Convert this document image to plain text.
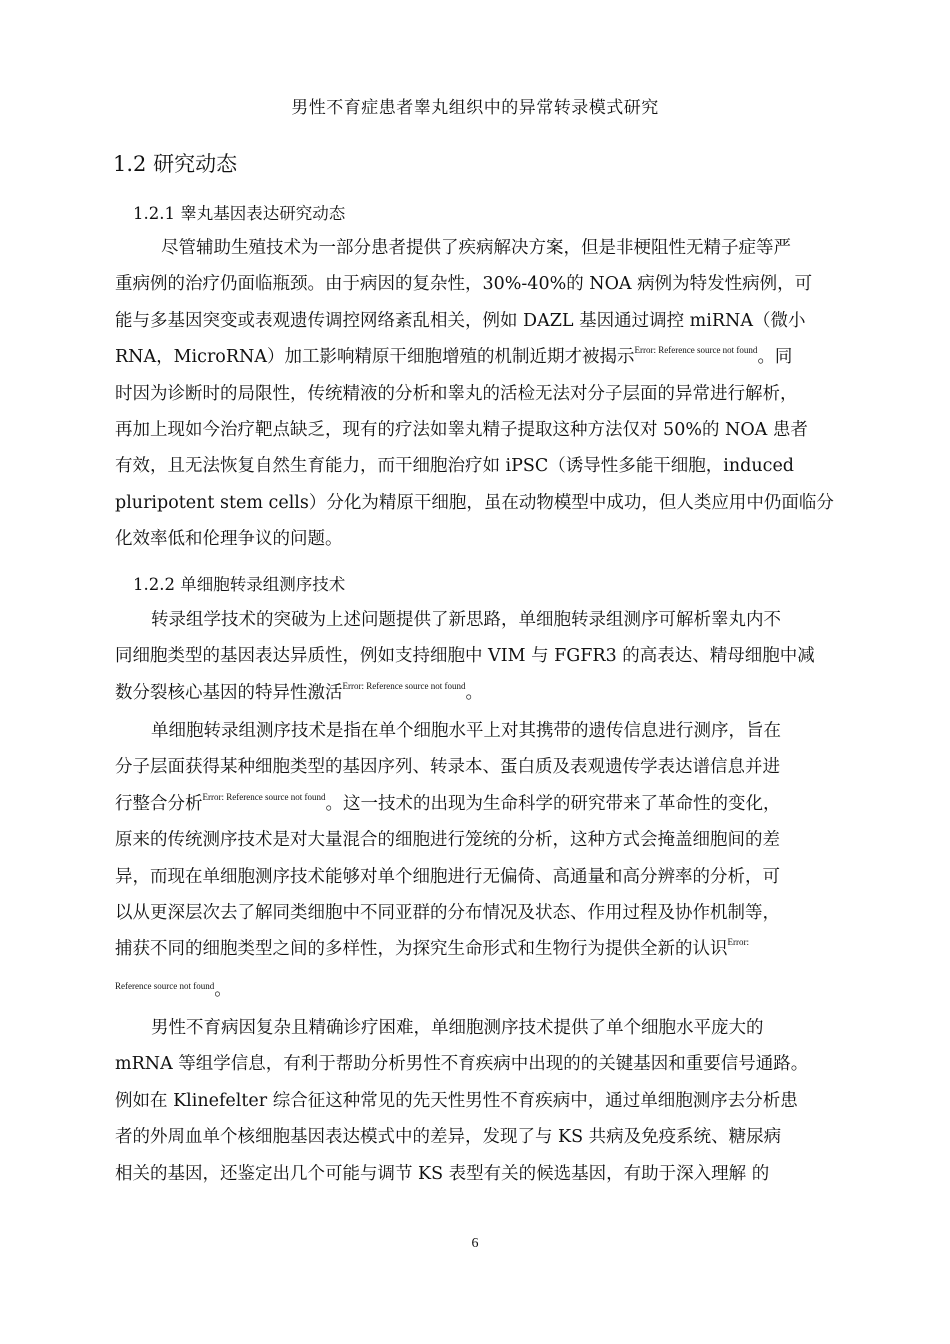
男性不育症患者睾丸组织中的异常转录模式研究
1.2 研究动态
1.2.1 睾丸基因表达研究动态
尽管辅助生殖技术为一部分患者提供了疾病解决方案，但是非梗阻性无精子症等严
重病例的治疗仍面临瓶颈。由于病因的复杂性，30%-40%的 NOA 病例为特发性病例，可
能与多基因突变或表观遗传调控网络紊乱相关，例如 DAZL 基因通过调控 miRNA（微小
RNA，MicroRNA）加工影响精原干细胞增殖的机制近期才被揭示$^{Error: Reference source not found}$。同
时因为诊断时的局限性，传统精液的分析和睾丸的活检无法对分子层面的异常进行解析，
再加上现如今治疗靶点缺乏，现有的疗法如睾丸精子提取这种方法仅对 50%的 NOA 患者
有效，且无法恢复自然生育能力，而干细胞治疗如 iPSC（诱导性多能干细胞，induced
pluripotent stem cells）分化为精原干细胞，虽在动物模型中成功，但人类应用中仍面临分
化效率低和伦理争议的问题。
1.2.2 单细胞转录组测序技术
转录组学技术的突破为上述问题提供了新思路，单细胞转录组测序可解析睾丸内不
同细胞类型的基因表达异质性，例如支持细胞中 VIM 与 FGFR3 的高表达、精母细胞中减
数分裂核心基因的特异性激活$^{Error: Reference source not found}$。
单细胞转录组测序技术是指在单个细胞水平上对其携带的遗传信息进行测序，旨在
分子层面获得某种细胞类型的基因序列、转录本、蛋白质及表观遗传学表达谱信息并进
行整合分析$^{Error: Reference source not found}$。这一技术的出现为生命科学的研究带来了革命性的变化，
原来的传统测序技术是对大量混合的细胞进行笼统的分析，这种方式会掩盖细胞间的差
异，而现在单细胞测序技术能够对单个细胞进行无偏倚、高通量和高分辨率的分析，可
以从更深层次去了解同类细胞中不同亚群的分布情况及状态、作用过程及协作机制等，
捕获不同的细胞类型之间的多样性，为探究生命形式和生物行为提供全新的认识$^{Error:}$
$^{Reference source not found}$。
男性不育病因复杂且精确诊疗困难，单细胞测序技术提供了单个细胞水平庞大的
mRNA 等组学信息，有利于帮助分析男性不育疾病中出现的的关键基因和重要信号通路。
例如在 Klinefelter 综合征这种常见的先天性男性不育疾病中，通过单细胞测序去分析患
者的外周血单个核细胞基因表达模式中的差异，发现了与 KS 共病及免疫系统、糖尿病
相关的基因，还鉴定出几个可能与调节 KS 表型有关的候选基因，有助于深入理解 的
6
